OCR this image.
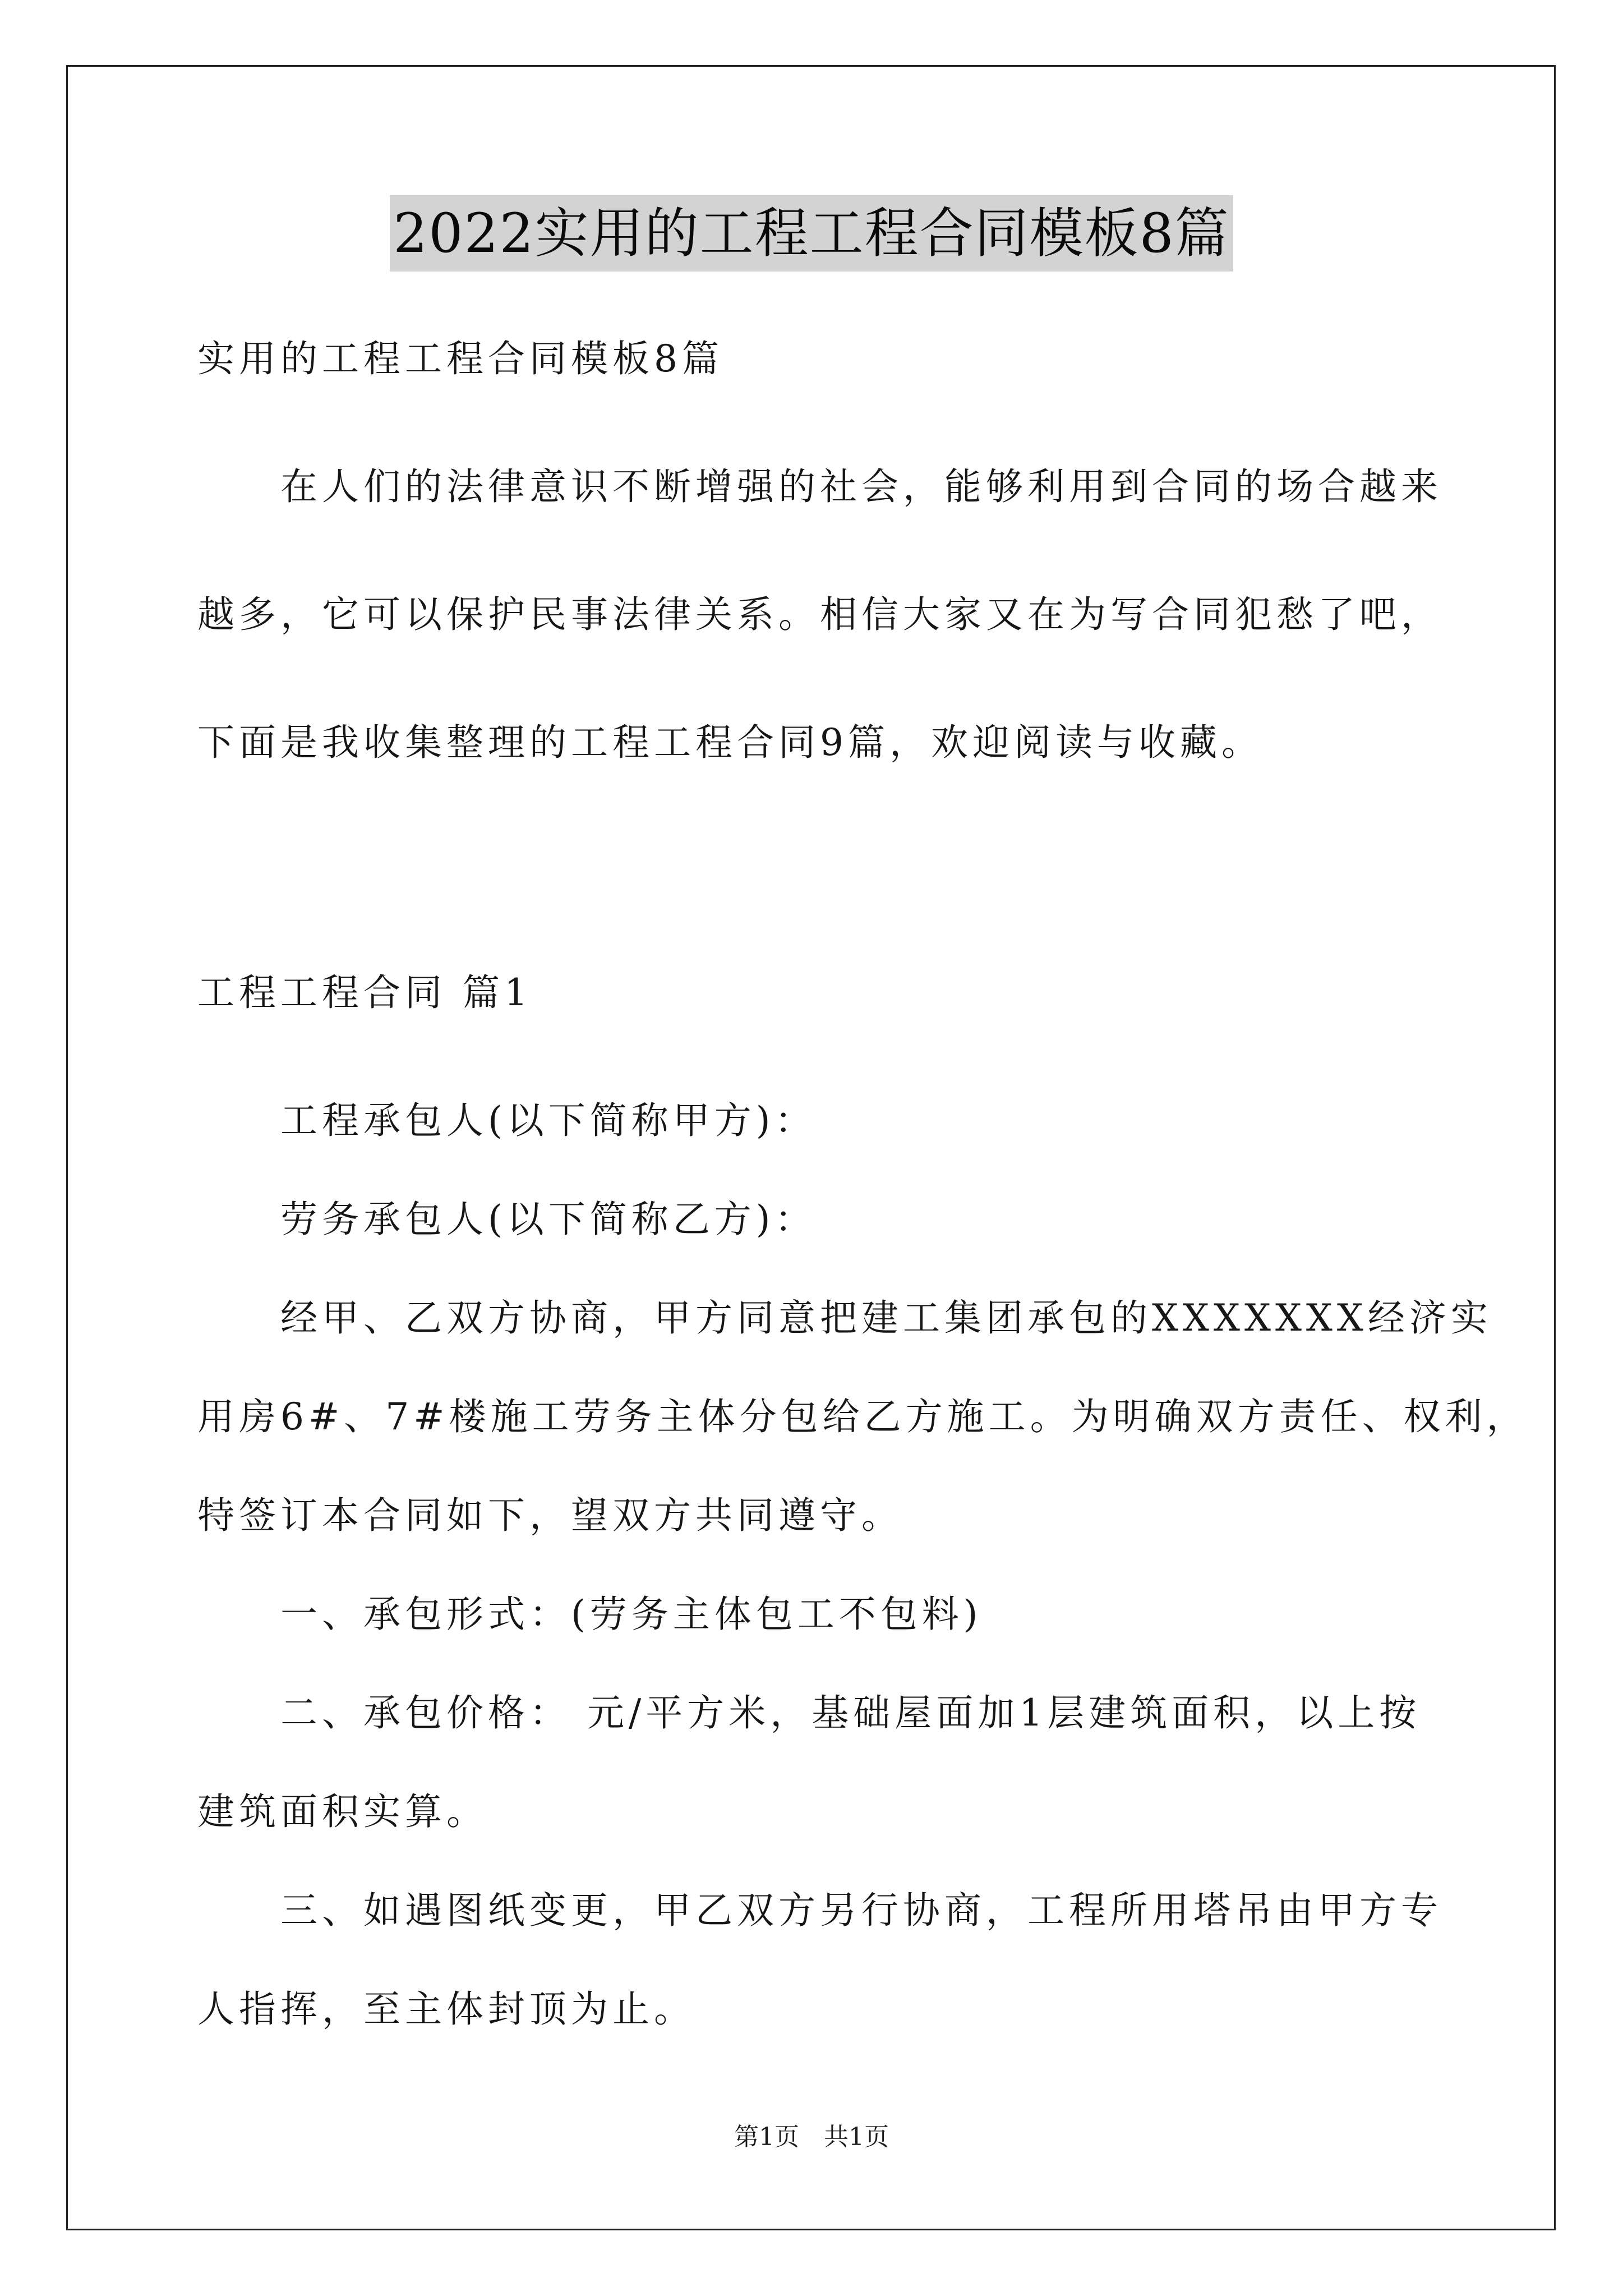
2022实用的工程工程合同模板8篇
实用的工程工程合同模板8篇
在人们的法律意识不断增强的社会，能够利用到合同的场合越来
越多，它可以保护民事法律关系。相信大家又在为写合同犯愁了吧，
下面是我收集整理的工程工程合同9篇，欢迎阅读与收藏。
工程工程合同 篇1
第1页　共1页
工程承包人(以下简称甲方)：
劳务承包人(以下简称乙方)：
经甲、乙双方协商，甲方同意把建工集团承包的XXXXXXX经济实
用房6#、7#楼施工劳务主体分包给乙方施工。为明确双方责任、权利，
特签订本合同如下，望双方共同遵守。
一、承包形式：(劳务主体包工不包料)
二、承包价格： 元/平方米，基础屋面加1层建筑面积，以上按
建筑面积实算。
三、如遇图纸变更，甲乙双方另行协商，工程所用塔吊由甲方专
人指挥，至主体封顶为止。
